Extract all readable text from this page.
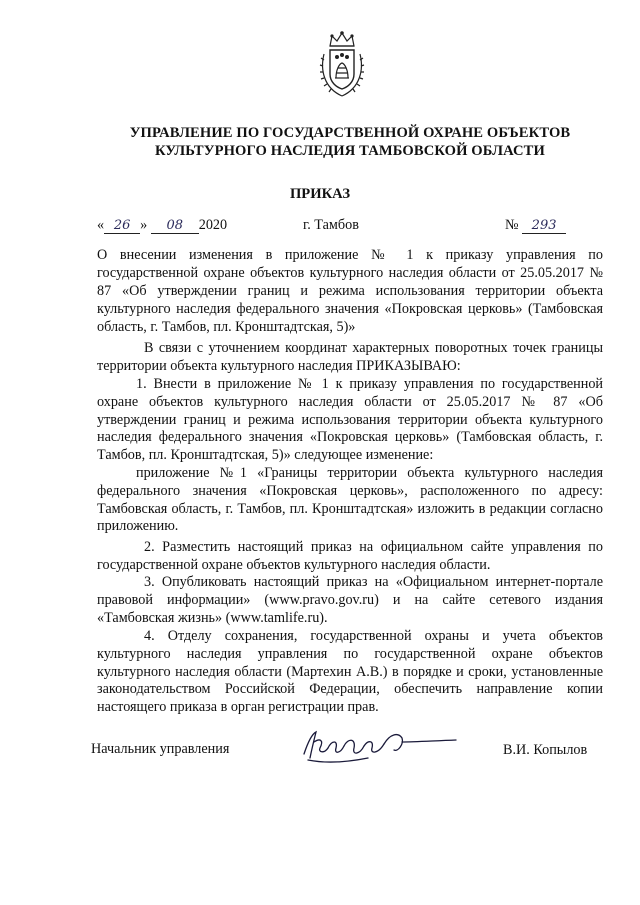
УПРАВЛЕНИЕ ПО ГОСУДАРСТВЕННОЙ ОХРАНЕ ОБЪЕКТОВ
КУЛЬТУРНОГО НАСЛЕДИЯ ТАМБОВСКОЙ ОБЛАСТИ
ПРИКАЗ
« 26 » 08 2020	г. Тамбов	№ 293
О внесении изменения в приложение № 1 к приказу управления по государственной охране объектов культурного наследия области от 25.05.2017 № 87 «Об утверждении границ и режима использования территории объекта культурного наследия федерального значения «Покровская церковь» (Тамбовская область, г. Тамбов, пл. Кронштадтская, 5)»

В связи с уточнением координат характерных поворотных точек границы территории объекта культурного наследия ПРИКАЗЫВАЮ:

1. Внести в приложение № 1 к приказу управления по государственной охране объектов культурного наследия области от 25.05.2017 № 87 «Об утверждении границ и режима использования территории объекта культурного наследия федерального значения «Покровская церковь» (Тамбовская область, г. Тамбов, пл. Кронштадтская, 5)» следующее изменение:

приложение №1 «Границы территории объекта культурного наследия федерального значения «Покровская церковь», расположенного по адресу: Тамбовская область, г. Тамбов, пл. Кронштадтская» изложить в редакции согласно приложению.

2. Разместить настоящий приказ на официальном сайте управления по государственной охране объектов культурного наследия области.

3. Опубликовать настоящий приказ на «Официальном интернет-портале правовой информации» (www.pravo.gov.ru) и на сайте сетевого издания «Тамбовская жизнь» (www.tamlife.ru).

4. Отделу сохранения, государственной охраны и учета объектов культурного наследия управления по государственной охране объектов культурного наследия области (Мартехин А.В.) в порядке и сроки, установленные законодательством Российской Федерации, обеспечить направление копии настоящего приказа в орган регистрации прав.

Начальник управления	В.И. Копылов
